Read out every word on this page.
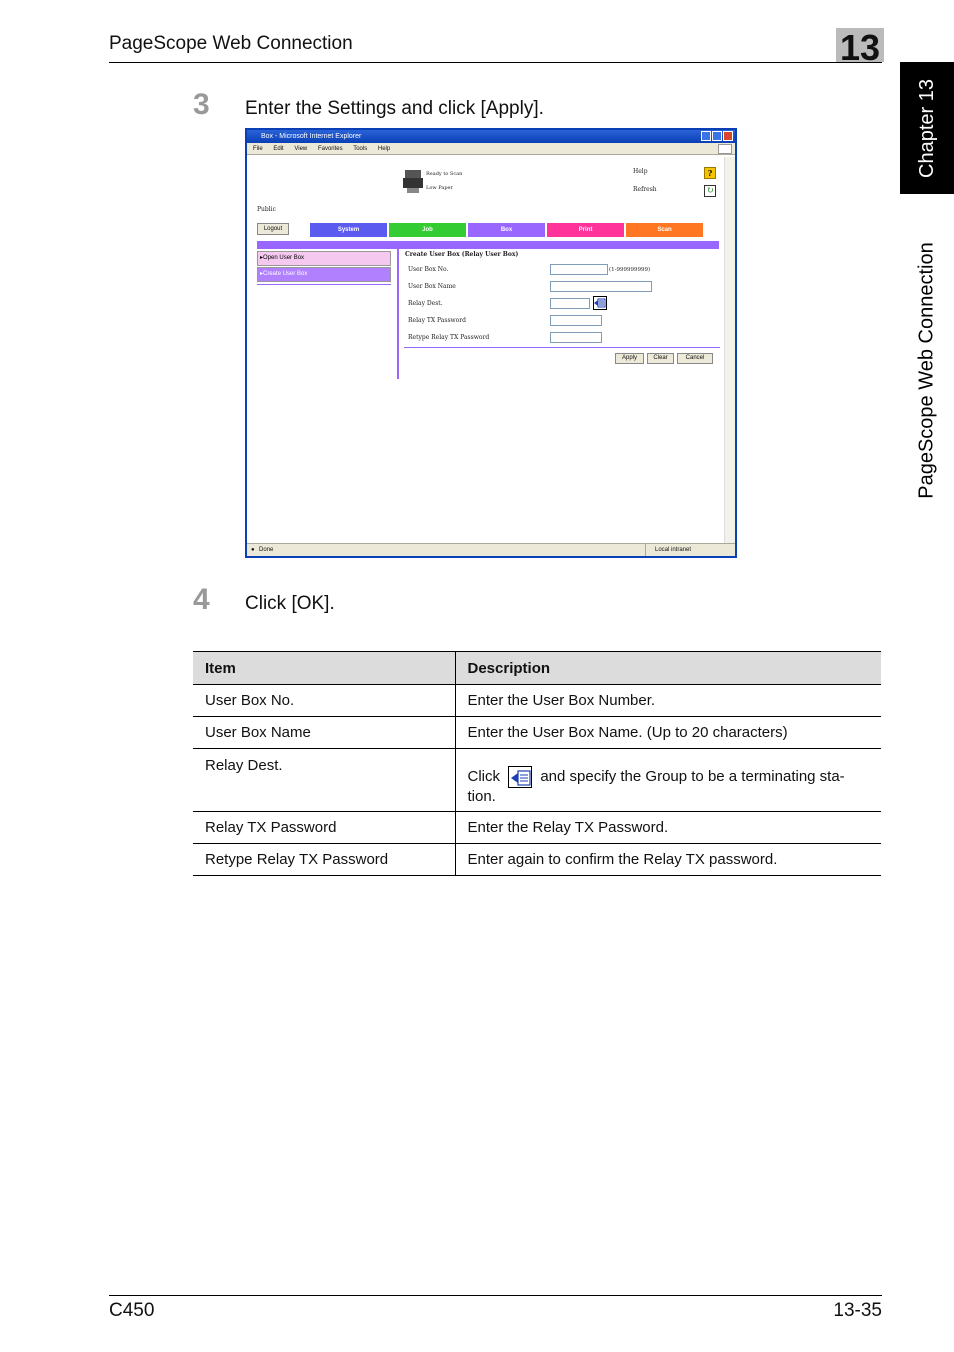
PageScope Web Connection	13
Chapter 13
PageScope Web Connection
3 Enter the Settings and click [Apply].
Box - Microsoft Internet Explorer
File Edit View Favorites Tools Help
Ready to Scan
Low Paper
Help	?
Refresh	↻
Public
Logout	System	Job	Box	Print	Scan
▸Open User Box
▸Create User Box
Create User Box (Relay User Box)
User Box No.	(1-999999999)
User Box Name
Relay Dest.
Relay TX Password
Retype Relay TX Password
Apply	Clear	Cancel
● Done	Local intranet
4 Click [OK].
Item	Description
User Box No.	Enter the User Box Number.
User Box Name	Enter the User Box Name. (Up to 20 characters)
Relay Dest.	Click and specify the Group to be a terminating sta-
tion.

Relay TX Password	Enter the Relay TX Password.
Retype Relay TX Password	Enter again to confirm the Relay TX password.
C450	13-35
